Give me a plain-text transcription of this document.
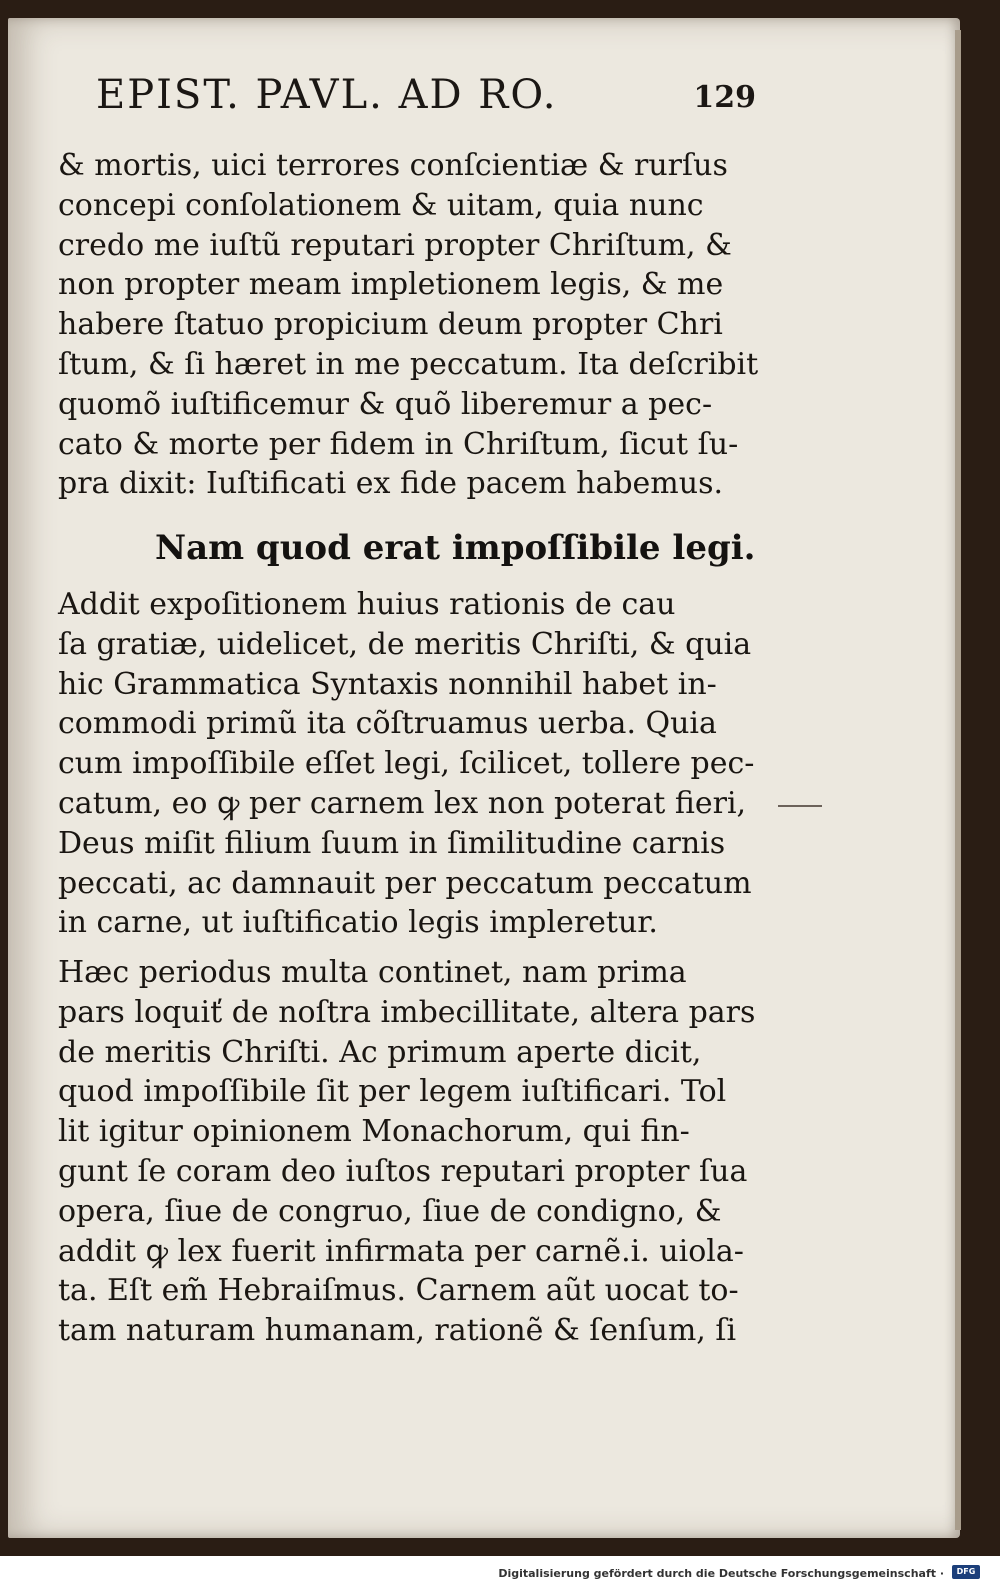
EPIST. PAVL. AD RO.	129
& mortis, uici terrores conſcientiæ & rurſus
concepi conſolationem & uitam, quia nunc
credo me iuſtũ reputari propter Chriſtum, &
non propter meam impletionem legis, & me
habere ſtatuo propicium deum propter Chri
ſtum, & ſi hæret in me peccatum. Ita deſcribit
quomõ iuſtificemur & quõ liberemur a pec-
cato & morte per fidem in Chriſtum, ſicut ſu-
pra dixit: Iuſtificati ex fide pacem habemus.
Nam quod erat impoſſibile legi.
Addit expoſitionem huius rationis de cau
ſa gratiæ, uidelicet, de meritis Chriſti, & quia
hic Grammatica Syntaxis nonnihil habet in-
commodi primũ ita cõſtruamus uerba. Quia
cum impoſſibile eſſet legi, ſcilicet, tollere pec-
catum, eo ꝙ per carnem lex non poterat fieri,
Deus miſit filium ſuum in ſimilitudine carnis
peccati, ac damnauit per peccatum peccatum
in carne, ut iuſtificatio legis impleretur.
Hæc periodus multa continet, nam prima
pars loquiť de noſtra imbecillitate, altera pars
de meritis Chriſti. Ac primum aperte dicit,
quod impoſſibile ſit per legem iuſtificari. Tol
lit igitur opinionem Monachorum, qui fin-
gunt ſe coram deo iuſtos reputari propter ſua
opera, ſiue de congruo, ſiue de condigno, &
addit ꝙ lex fuerit infirmata per carnẽ.i. uiola-
ta. Eſt em̃ Hebraiſmus. Carnem aũt uocat to-
tam naturam humanam, rationẽ & ſenſum, ſi
Digitalisierung gefördert durch die Deutsche Forschungsgemeinschaft ·	DFG
